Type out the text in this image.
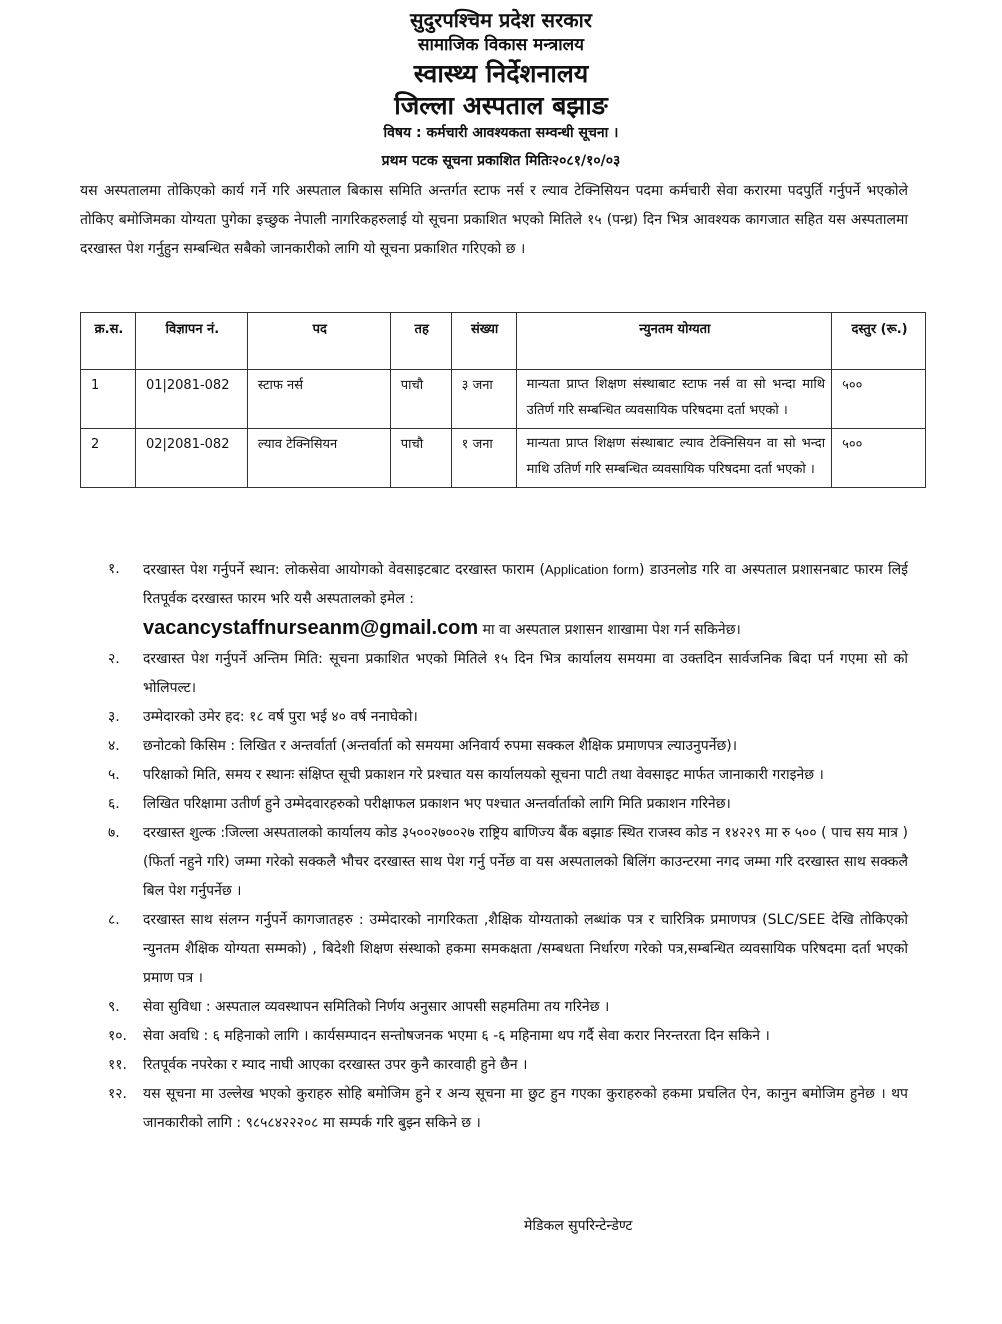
सुदुरपश्चिम प्रदेश सरकार
सामाजिक विकास मन्त्रालय
स्वास्थ्य निर्देशनालय
जिल्ला अस्पताल बझाङ
विषय : कर्मचारी आवश्यकता सम्वन्धी सूचना ।
प्रथम पटक सूचना प्रकाशित मितिः२०८१/१०/०३
यस अस्पतालमा तोकिएको कार्य गर्ने गरि अस्पताल बिकास समिति अन्तर्गत स्टाफ नर्स र ल्याव टेक्निसियन पदमा कर्मचारी सेवा करारमा पदपुर्ति गर्नुपर्ने भएकोले तोकिए बमोजिमका योग्यता पुगेका इच्छुक नेपाली नागरिकहरुलाई यो सूचना प्रकाशित भएको मितिले १५ (पन्ध्र) दिन भित्र आवश्यक कागजात सहित यस अस्पतालमा दरखास्त पेश गर्नुहुन सम्बन्धित सबैको जानकारीको लागि यो सूचना प्रकाशित गरिएको छ ।
क्र.स.	विज्ञापन नं.	पद	तह	संख्या	न्युनतम योग्यता	दस्तुर (रू.)
1	01|2081-082	स्टाफ नर्स	पाचौ	३ जना	मान्यता प्राप्त शिक्षण संस्थाबाट स्टाफ नर्स वा सो भन्दा माथि उतिर्ण गरि सम्बन्धित व्यवसायिक परिषदमा दर्ता भएको ।	५००
2	02|2081-082	ल्याव टेक्निसियन	पाचौ	१ जना	मान्यता प्राप्त शिक्षण संस्थाबाट ल्याव टेक्निसियन वा सो भन्दा माथि उतिर्ण गरि सम्बन्धित व्यवसायिक परिषदमा दर्ता भएको ।	५००
१. दरखास्त पेश गर्नुपर्ने स्थान: लोकसेवा आयोगको वेवसाइटबाट दरखास्त फाराम (Application form) डाउनलोड गरि वा अस्पताल प्रशासनबाट फारम लिई रितपूर्वक दरखास्त फारम भरि यसै अस्पतालको इमेल :
vacancystaffnurseanm@gmail.com मा वा अस्पताल प्रशासन शाखामा पेश गर्न सकिनेछ।
२. दरखास्त पेश गर्नुपर्ने अन्तिम मिति: सूचना प्रकाशित भएको मितिले १५ दिन भित्र कार्यालय समयमा वा उक्तदिन सार्वजनिक बिदा पर्न गएमा सो को भोलिपल्ट।
३. उम्मेदारको उमेर हद: १८ वर्ष पुरा भई ४० वर्ष ननाघेको।
४. छनोटको किसिम : लिखित र अन्तर्वार्ता (अन्तर्वार्ता को समयमा अनिवार्य रुपमा सक्कल शैक्षिक प्रमाणपत्र ल्याउनुपर्नेछ)।
५. परिक्षाको मिति, समय र स्थानः संक्षिप्त सूची प्रकाशन गरे प्रश्चात यस कार्यालयको सूचना पाटी तथा वेवसाइट मार्फत जानाकारी गराइनेछ ।
६. लिखित परिक्षामा उतीर्ण हुने उम्मेदवारहरुको परीक्षाफल प्रकाशन भए पश्चात अन्तर्वार्ताको लागि मिति प्रकाशन गरिनेछ।
७. दरखास्त शुल्क :जिल्ला अस्पतालको कार्यालय कोड ३५००२७००२७ राष्ट्रिय बाणिज्य बैंक बझाङ स्थित राजस्व कोड न १४२२९ मा रु ५०० ( पाच सय मात्र ) (फिर्ता नहुने गरि) जम्मा गरेको सक्कलै भौचर दरखास्त साथ पेश गर्नु पर्नेछ वा यस अस्पतालको बिलिंग काउन्टरमा नगद जम्मा गरि दरखास्त साथ सक्कलै बिल पेश गर्नुपर्नेछ ।
८. दरखास्त साथ संलग्न गर्नुपर्ने कागजातहरु : उम्मेदारको नागरिकता ,शैक्षिक योग्यताको लब्धांक पत्र र चारित्रिक प्रमाणपत्र (SLC/SEE देखि तोकिएको न्युनतम शैक्षिक योग्यता सम्मको) , बिदेशी शिक्षण संस्थाको हकमा समकक्षता /सम्बधता निर्धारण गरेको पत्र,सम्बन्धित व्यवसायिक परिषदमा दर्ता भएको प्रमाण पत्र ।
९. सेवा सुविधा : अस्पताल व्यवस्थापन समितिको निर्णय अनुसार आपसी सहमतिमा तय गरिनेछ ।
१०. सेवा अवधि : ६ महिनाको लागि । कार्यसम्पादन सन्तोषजनक भएमा ६ -६ महिनामा थप गर्दै सेवा करार निरन्तरता दिन सकिने ।
११. रितपूर्वक नपरेका र म्याद नाघी आएका दरखास्त उपर कुनै कारवाही हुने छैन ।
१२. यस सूचना मा उल्लेख भएको कुराहरु सोहि बमोजिम हुने र अन्य सूचना मा छुट हुन गएका कुराहरुको हकमा प्रचलित ऐन, कानुन बमोजिम हुनेछ । थप जानकारीको लागि : ९८५८४२२२०८ मा सम्पर्क गरि बुझ्न सकिने छ ।
मेडिकल सुपरिन्टेन्डेण्ट
